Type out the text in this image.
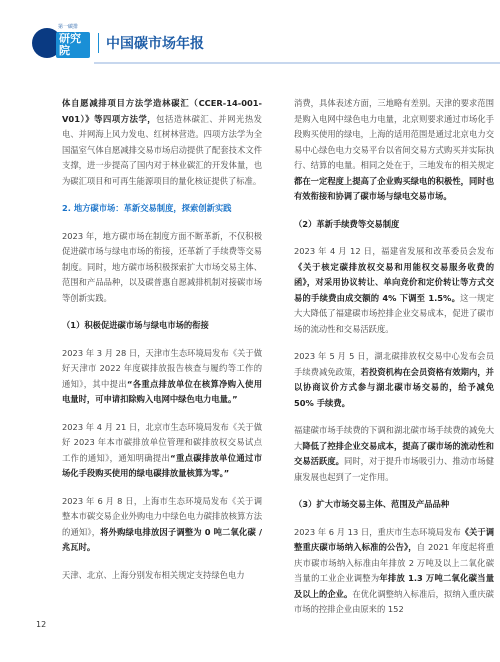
第一碳排
研究院	中国碳市场年报

体自愿减排项目方法学造林碳汇（CCER-14-001-V01）》等四项方法学，包括造林碳汇、并网光热发电、并网海上风力发电、红树林营造。四项方法学为全国温室气体自愿减排交易市场启动提供了配套技术文件支撑，进一步提高了国内对于林业碳汇的开发体量，也为碳汇项目和可再生能源项目的量化核证提供了标准。

2. 地方碳市场：革新交易制度，探索创新实践

2023 年，地方碳市场在制度方面不断革新，不仅积极促进碳市场与绿电市场的衔接，还革新了手续费等交易制度。同时，地方碳市场积极探索扩大市场交易主体、范围和产品品种，以及碳普惠自愿减排机制对接碳市场等创新实践。

（1）积极促进碳市场与绿电市场的衔接

2023 年 3 月 28 日，天津市生态环境局发布《关于做好天津市 2022 年度碳排放报告核查与履约等工作的通知》，其中提出“各重点排放单位在核算净购入使用电量时，可申请扣除购入电网中绿色电力电量。”

2023 年 4 月 21 日，北京市生态环境局发布《关于做好 2023 年本市碳排放单位管理和碳排放权交易试点工作的通知》，通知明确提出“重点碳排放单位通过市场化手段购买使用的绿电碳排放量核算为零。”

2023 年 6 月 8 日，上海市生态环境局发布《关于调整本市碳交易企业外购电力中绿色电力碳排放核算方法的通知》，将外购绿电排放因子调整为 0 吨二氧化碳 / 兆瓦时。

天津、北京、上海分别发布相关规定支持绿色电力

消费，具体表述方面，三地略有差别。天津的要求范围是购入电网中绿色电力电量，北京则要求通过市场化手段购买使用的绿电，上海的适用范围是通过北京电力交易中心绿色电力交易平台以省间交易方式购买并实际执行、结算的电量。相同之处在于，三地发布的相关规定都在一定程度上提高了企业购买绿电的积极性，同时也有效衔接和协调了碳市场与绿电交易市场。

（2）革新手续费等交易制度

2023 年 4 月 12 日，福建省发展和改革委员会发布《关于核定碳排放权交易和用能权交易服务收费的函》，对采用协议转让、单向竞价和定价转让等方式交易的手续费由成交额的 4% 下调至 1.5%。这一规定大大降低了福建碳市场控排企业交易成本，促进了碳市场的流动性和交易活跃度。

2023 年 5 月 5 日，湖北碳排放权交易中心发布会员手续费减免政策，若投资机构在会员资格有效期内，并以协商议价方式参与湖北碳市场交易的，给予减免 50% 手续费。

福建碳市场手续费的下调和湖北碳市场手续费的减免大大降低了控排企业交易成本，提高了碳市场的流动性和交易活跃度。同时，对于提升市场吸引力、推动市场健康发展也起到了一定作用。

（3）扩大市场交易主体、范围及产品品种

2023 年 6 月 13 日，重庆市生态环境局发布《关于调整重庆碳市场纳入标准的公告》，自 2021 年度起将重庆市碳市场纳入标准由年排放 2 万吨及以上二氧化碳当量的工业企业调整为年排放 1.3 万吨二氧化碳当量及以上的企业。在优化调整纳入标准后，拟纳入重庆碳市场的控排企业由原来的 152

12
